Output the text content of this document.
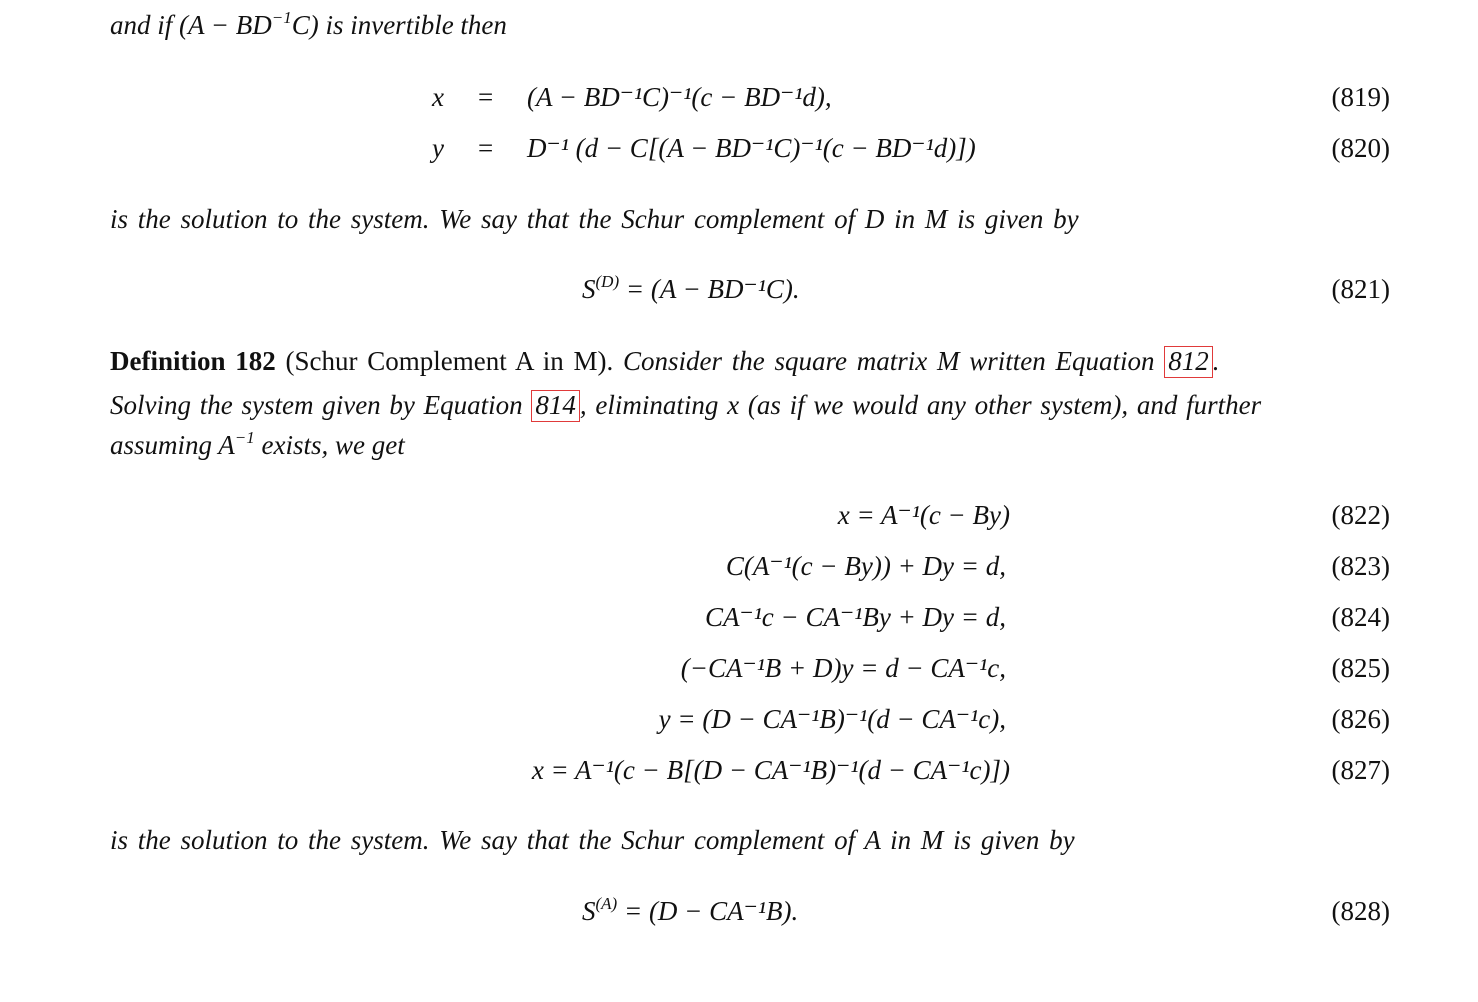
and if $(A - BD^{-1}C)$ is invertible then
x = (A − BD⁻¹C)⁻¹(c − BD⁻¹d),	(819)
y = D⁻¹ (d − C[(A − BD⁻¹C)⁻¹(c − BD⁻¹d)])	(820)
is the solution to the system. We say that the Schur complement of D in M is given by
$S^{(D)} = (A - BD^{-1}C)$.	(821)
Definition 182 (Schur Complement A in M). Consider the square matrix M written Equation 812 .
Solving the system given by Equation 814 , eliminating x (as if we would any other system), and further
assuming $A^{-1}$ exists, we get
x = A⁻¹(c − By)	(822)
C(A⁻¹(c − By)) + Dy = d,	(823)
CA⁻¹c − CA⁻¹By + Dy = d,	(824)
(−CA⁻¹B + D)y = d − CA⁻¹c,	(825)
y = (D − CA⁻¹B)⁻¹(d − CA⁻¹c),	(826)
x = A⁻¹(c − B[(D − CA⁻¹B)⁻¹(d − CA⁻¹c)])	(827)
is the solution to the system. We say that the Schur complement of A in M is given by
$S^{(A)} = (D - CA^{-1}B)$.	(828)
